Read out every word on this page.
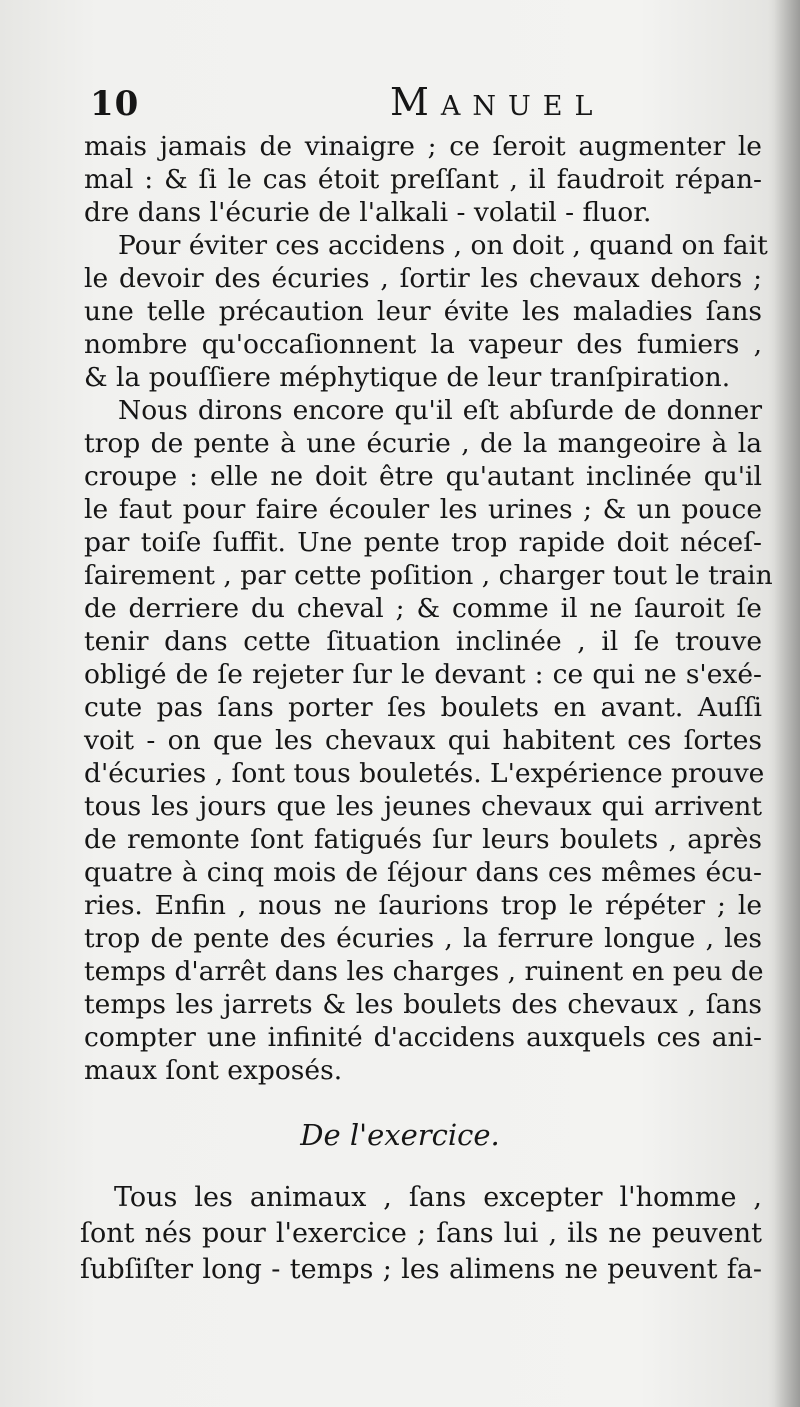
10	Manuel
mais jamais de vinaigre ; ce ſeroit augmenter le
mal : & ſi le cas étoit preſſant , il faudroit répan-
dre dans l'écurie de l'alkali - volatil - fluor.
Pour éviter ces accidens , on doit , quand on fait
le devoir des écuries , ſortir les chevaux dehors ;
une telle précaution leur évite les maladies ſans
nombre qu'occaſionnent la vapeur des fumiers ,
& la pouſſiere méphytique de leur tranſpiration.
Nous dirons encore qu'il eſt abſurde de donner
trop de pente à une écurie , de la mangeoire à la
croupe : elle ne doit être qu'autant inclinée qu'il
le faut pour faire écouler les urines ; & un pouce
par toiſe ſuffit. Une pente trop rapide doit néceſ-
ſairement , par cette poſition , charger tout le train
de derriere du cheval ; & comme il ne ſauroit ſe
tenir dans cette ſituation inclinée , il ſe trouve
obligé de ſe rejeter ſur le devant : ce qui ne s'exé-
cute pas ſans porter ſes boulets en avant. Auſſi
voit - on que les chevaux qui habitent ces ſortes
d'écuries , ſont tous bouletés. L'expérience prouve
tous les jours que les jeunes chevaux qui arrivent
de remonte ſont fatigués ſur leurs boulets , après
quatre à cinq mois de ſéjour dans ces mêmes écu-
ries. Enfin , nous ne ſaurions trop le répéter ; le
trop de pente des écuries , la ferrure longue , les
temps d'arrêt dans les charges , ruinent en peu de
temps les jarrets & les boulets des chevaux , ſans
compter une infinité d'accidens auxquels ces ani-
maux ſont exposés.
De l'exercice.
Tous les animaux , ſans excepter l'homme ,
ſont nés pour l'exercice ; ſans lui , ils ne peuvent
ſubſiſter long - temps ; les alimens ne peuvent fa-
